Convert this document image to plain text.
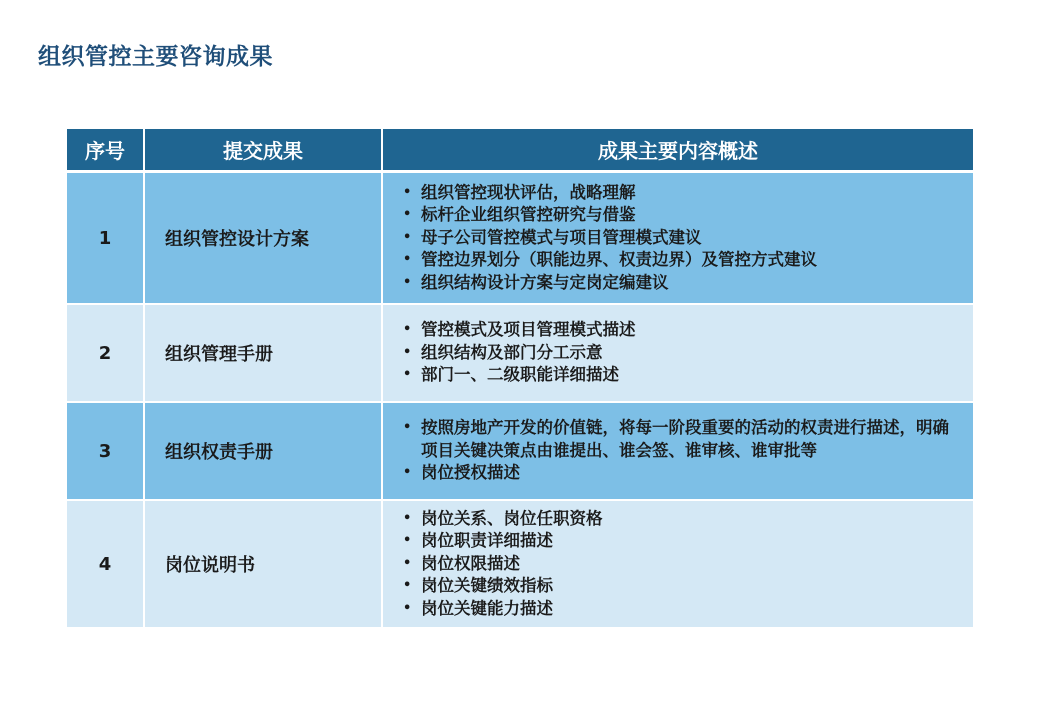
组织管控主要咨询成果
序号	提交成果	成果主要内容概述
1	组织管控设计方案
• 组织管控现状评估，战略理解
• 标杆企业组织管控研究与借鉴
• 母子公司管控模式与项目管理模式建议
• 管控边界划分（职能边界、权责边界）及管控方式建议
• 组织结构设计方案与定岗定编建议
2	组织管理手册
• 管控模式及项目管理模式描述
• 组织结构及部门分工示意
• 部门一、二级职能详细描述
3	组织权责手册
• 按照房地产开发的价值链，将每一阶段重要的活动的权责进行描述，明确项目关键决策点由谁提出、谁会签、谁审核、谁审批等
• 岗位授权描述
4	岗位说明书
• 岗位关系、岗位任职资格
• 岗位职责详细描述
• 岗位权限描述
• 岗位关键绩效指标
• 岗位关键能力描述
